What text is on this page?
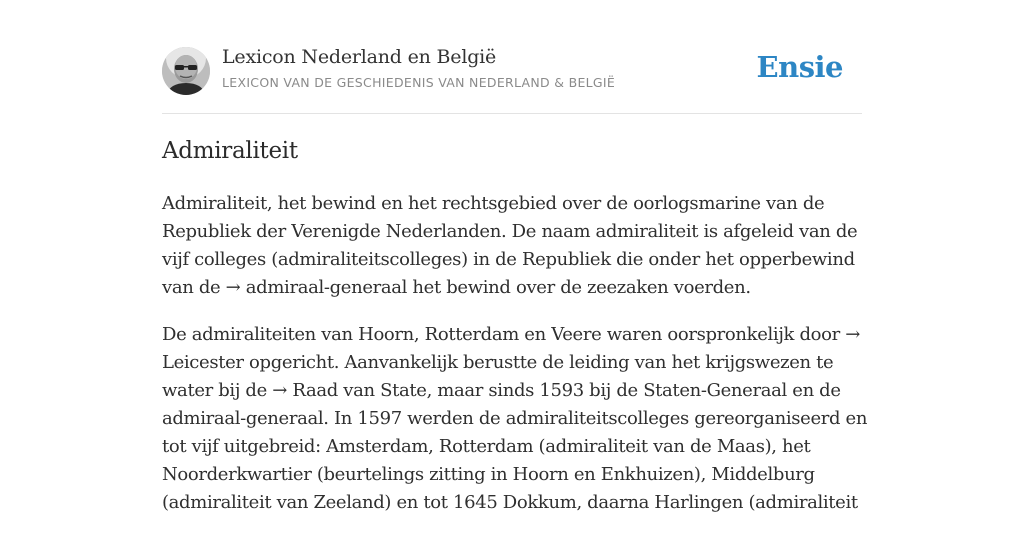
Lexicon Nederland en België
LEXICON VAN DE GESCHIEDENIS VAN NEDERLAND & BELGIË	Ensie
Admiraliteit

Admiraliteit, het bewind en het rechtsgebied over de oorlogsmarine van de
Republiek der Verenigde Nederlanden. De naam admiraliteit is afgeleid van de
vijf colleges (admiraliteitscolleges) in de Republiek die onder het opperbewind
van de → admiraal-generaal het bewind over de zeezaken voerden.

De admiraliteiten van Hoorn, Rotterdam en Veere waren oorspronkelijk door →
Leicester opgericht. Aanvankelijk berustte de leiding van het krijgswezen te
water bij de → Raad van State, maar sinds 1593 bij de Staten-Generaal en de
admiraal-generaal. In 1597 werden de admiraliteitscolleges gereorganiseerd en
tot vijf uitgebreid: Amsterdam, Rotterdam (admiraliteit van de Maas), het
Noorderkwartier (beurtelings zitting in Hoorn en Enkhuizen), Middelburg
(admiraliteit van Zeeland) en tot 1645 Dokkum, daarna Harlingen (admiraliteit
